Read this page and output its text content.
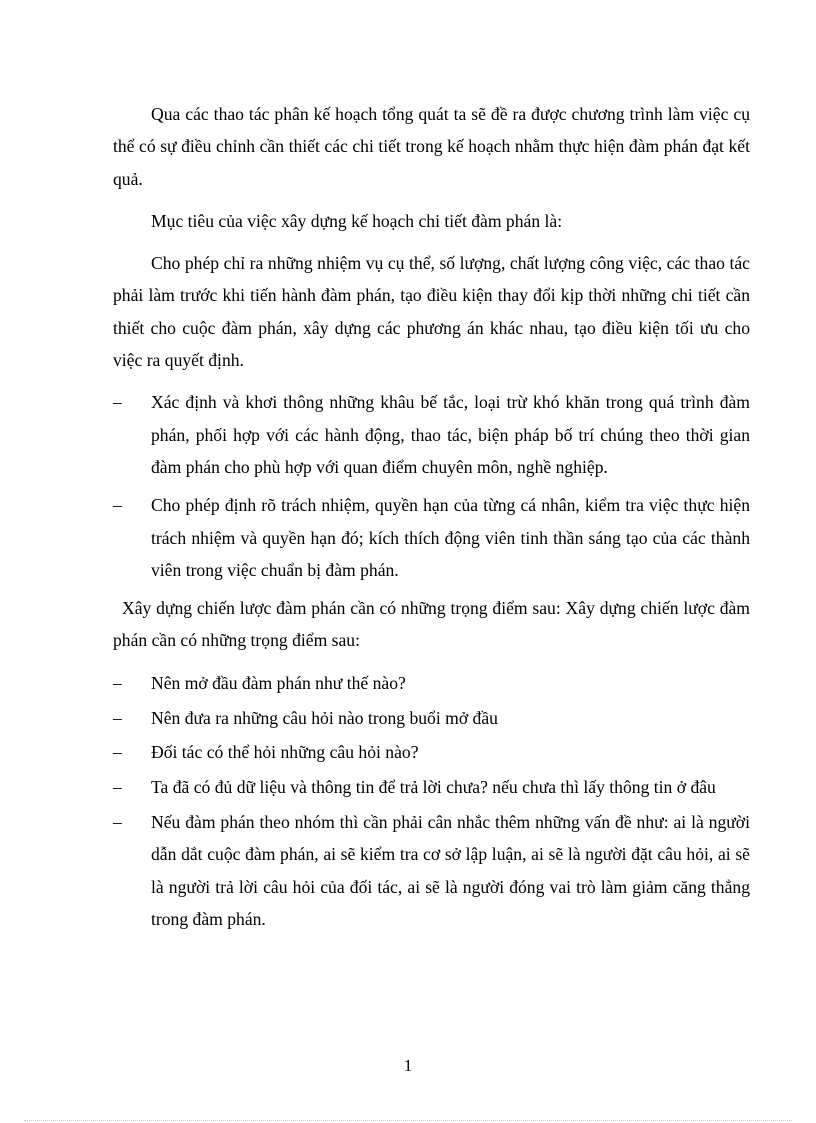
Qua các thao tác phân kế hoạch tổng quát ta sẽ đề ra được chương trình làm việc cụ thể có sự điều chỉnh cần thiết các chi tiết trong kế hoạch nhằm thực hiện đàm phán đạt kết quả.

Mục tiêu của việc xây dựng kế hoạch chi tiết đàm phán là:

Cho phép chỉ ra những nhiệm vụ cụ thể, số lượng, chất lượng công việc, các thao tác phải làm trước khi tiến hành đàm phán, tạo điều kiện thay đổi kịp thời những chi tiết cần thiết cho cuộc đàm phán, xây dựng các phương án khác nhau, tạo điều kiện tối ưu cho việc ra quyết định.

–	Xác định và khơi thông những khâu bế tắc, loại trừ khó khăn trong quá trình đàm phán, phối hợp với các hành động, thao tác, biện pháp bố trí chúng theo thời gian đàm phán cho phù hợp với quan điểm chuyên môn, nghề nghiệp.
–	Cho phép định rõ trách nhiệm, quyền hạn của từng cá nhân, kiểm tra việc thực hiện trách nhiệm và quyền hạn đó; kích thích động viên tinh thần sáng tạo của các thành viên trong việc chuẩn bị đàm phán.

Xây dựng chiến lược đàm phán cần có những trọng điểm sau: Xây dựng chiến lược đàm phán cần có những trọng điểm sau:

–	Nên mở đầu đàm phán như thế nào?
–	Nên đưa ra những câu hỏi nào trong buổi mở đầu
–	Đối tác có thể hỏi những câu hỏi nào?
–	Ta đã có đủ dữ liệu và thông tin để trả lời chưa? nếu chưa thì lấy thông tin ở đâu
–	Nếu đàm phán theo nhóm thì cần phải cân nhắc thêm những vấn đề như: ai là người dẫn dắt cuộc đàm phán, ai sẽ kiểm tra cơ sở lập luận, ai sẽ là người đặt câu hỏi, ai sẽ là người trả lời câu hỏi của đối tác, ai sẽ là người đóng vai trò làm giảm căng thẳng trong đàm phán.
1
